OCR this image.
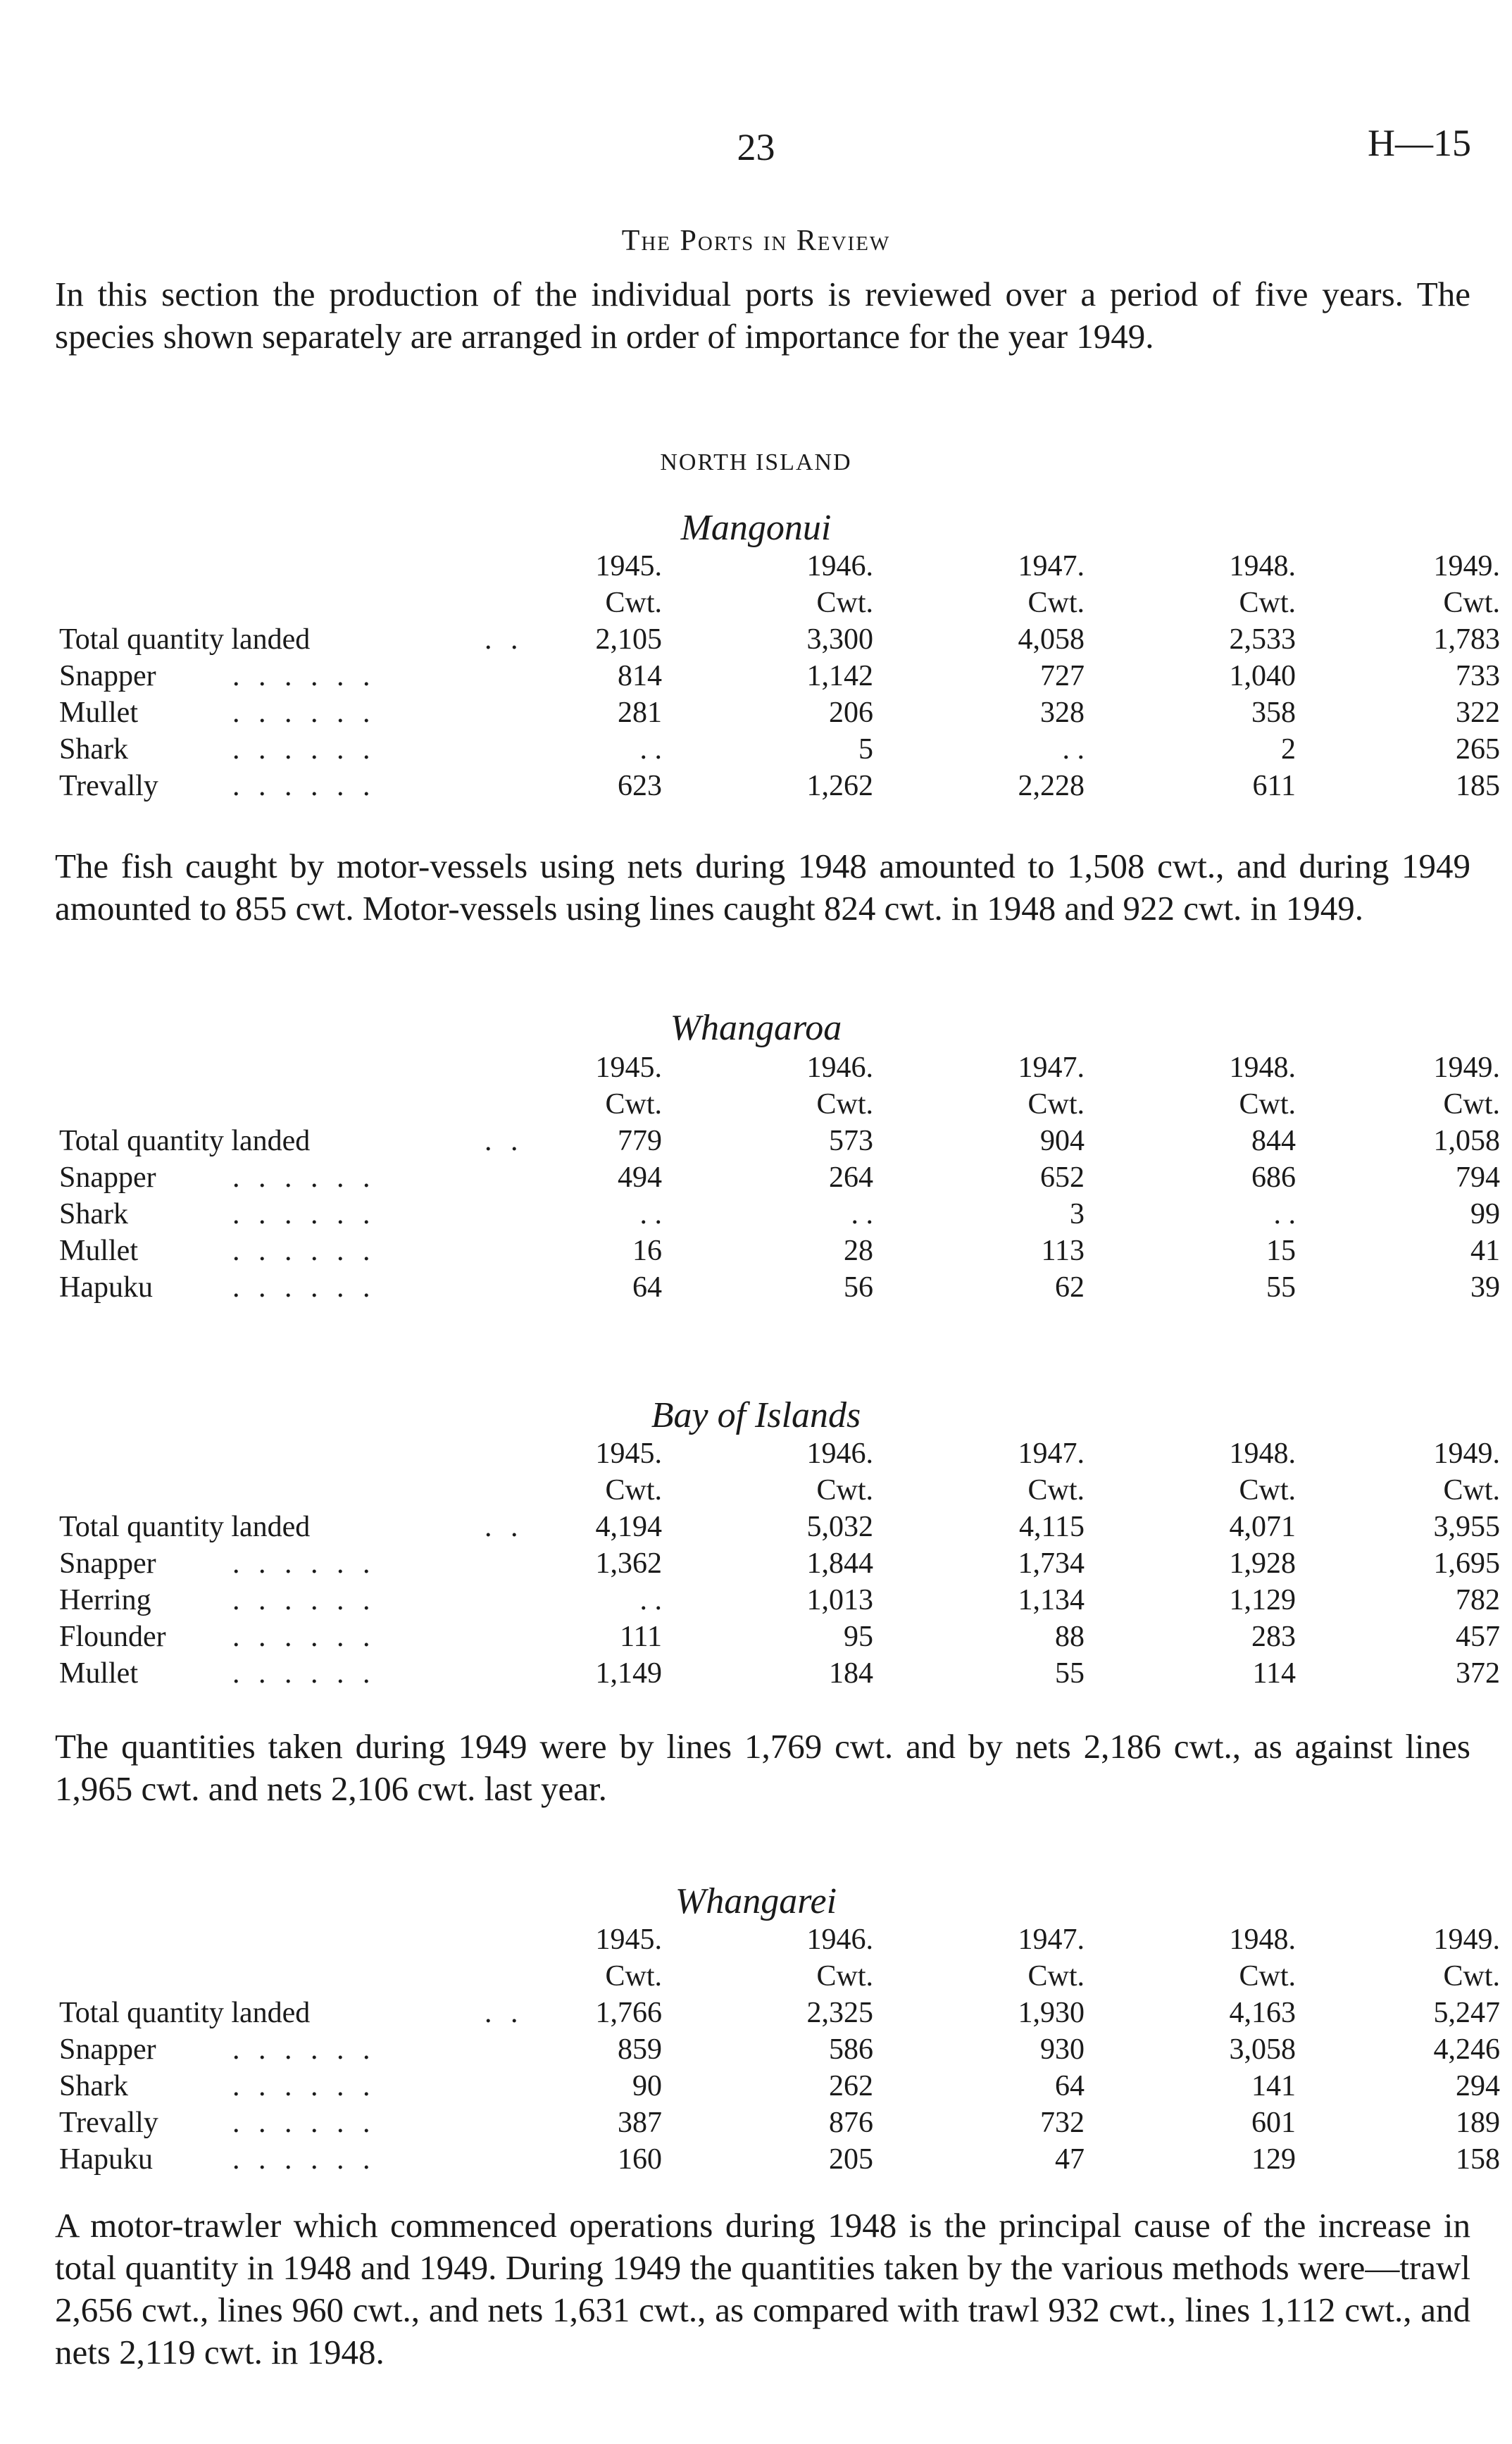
23	H—15
The Ports in Review
In this section the production of the individual ports is reviewed over a period of five years. The species shown separately are arranged in order of importance for the year 1949.
NORTH ISLAND
Mangonui
1945.	1946.	1947.	1948.	1949.
Cwt.	Cwt.	Cwt.	Cwt.	Cwt.
Total quantity landed	. .	2,105	3,300	4,058	2,533	1,783
Snapper	. . . . . .	814	1,142	727	1,040	733
Mullet	. . . . . .	281	206	328	358	322
Shark	. . . . . .	. .	5	. .	2	265
Trevally	. . . . . .	623	1,262	2,228	611	185
The fish caught by motor-vessels using nets during 1948 amounted to 1,508 cwt., and during 1949 amounted to 855 cwt. Motor-vessels using lines caught 824 cwt. in 1948 and 922 cwt. in 1949.
Whangaroa
1945.	1946.	1947.	1948.	1949.
Cwt.	Cwt.	Cwt.	Cwt.	Cwt.
Total quantity landed	. .	779	573	904	844	1,058
Snapper	. . . . . .	494	264	652	686	794
Shark	. . . . . .	. .	. .	3	. .	99
Mullet	. . . . . .	16	28	113	15	41
Hapuku	. . . . . .	64	56	62	55	39
Bay of Islands
1945.	1946.	1947.	1948.	1949.
Cwt.	Cwt.	Cwt.	Cwt.	Cwt.
Total quantity landed	. .	4,194	5,032	4,115	4,071	3,955
Snapper	. . . . . .	1,362	1,844	1,734	1,928	1,695
Herring	. . . . . .	. .	1,013	1,134	1,129	782
Flounder . . . . . .	111	95	88	283	457
Mullet	. . . . . .	1,149	184	55	114	372
The quantities taken during 1949 were by lines 1,769 cwt. and by nets 2,186 cwt., as against lines 1,965 cwt. and nets 2,106 cwt. last year.
Whangarei
1945.	1946.	1947.	1948.	1949.
Cwt.	Cwt.	Cwt.	Cwt.	Cwt.
Total quantity landed	. .	1,766	2,325	1,930	4,163	5,247
Snapper	. . . . . .	859	586	930	3,058	4,246
Shark	. . . . . .	90	262	64	141	294
Trevally	. . . . . .	387	876	732	601	189
Hapuku	. . . . . .	160	205	47	129	158
A motor-trawler which commenced operations during 1948 is the principal cause of the increase in total quantity in 1948 and 1949. During 1949 the quantities taken by the various methods were—trawl 2,656 cwt., lines 960 cwt., and nets 1,631 cwt., as compared with trawl 932 cwt., lines 1,112 cwt., and nets 2,119 cwt. in 1948.
